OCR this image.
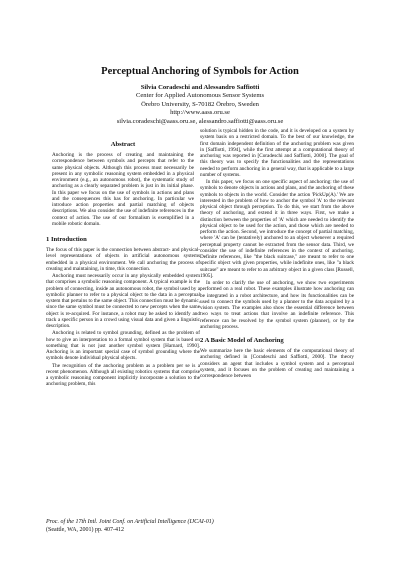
Perceptual Anchoring of Symbols for Action
Silvia Coradeschi and Alessandro Saffiotti
Center for Applied Autonomous Sensor Systems
Örebro University, S-70182 Örebro, Sweden
http://www.aass.oru.se
silvia.coradeschi@aass.oru.se, alessandro.saffiotti@aass.oru.se
Abstract

Anchoring is the process of creating and maintaining the correspondence between symbols and percepts that refer to the same physical objects. Although this process must necessarily be present in any symbolic reasoning system embedded in a physical environment (e.g., an autonomous robot), the systematic study of anchoring as a clearly separated problem is just in its initial phase. In this paper we focus on the use of symbols in actions and plans and the consequences this has for anchoring. In particular we introduce action properties and partial matching of objects descriptions. We also consider the use of indefinite references in the context of action. The use of our formalism is exemplified in a mobile robotic domain.

1 Introduction

The focus of this paper is the connection between abstract- and physical-level representations of objects in artificial autonomous systems embedded in a physical environment. We call anchoring the process of creating and maintaining, in time, this connection.

Anchoring must necessarily occur in any physically embedded system that comprises a symbolic reasoning component. A typical example is the problem of connecting, inside an autonomous robot, the symbol used by a symbolic planner to refer to a physical object to the data in a perceptual system that pertains to the same object. This connection must be dynamic, since the same symbol must be connected to new percepts when the same object is re-acquired. For instance, a robot may be asked to identify and track a specific person in a crowd using visual data and given a linguistic description.

Anchoring is related to symbol grounding, defined as the problem of how to give an interpretation to a formal symbol system that is based on something that is not just another symbol system [Harnard, 1990]. Anchoring is an important special case of symbol grounding where the symbols denote individual physical objects.

The recognition of the anchoring problem as a problem per se is a recent phenomenon. Although all existing robotics systems that comprise a symbolic reasoning component implicitly incorporate a solution to the anchoring problem, this

solution is typical hidden in the code, and it is developed on a system by system basis on a restricted domain. To the best of our knowledge, the first domain independent definition of the anchoring problem was given in [Saffiotti, 1994], while the first attempt at a computational theory of anchoring was reported in [Coradeschi and Saffiotti, 2000]. The goal of this theory was to specify the functionalities and the representations needed to perform anchoring in a general way, that is applicable to a large number of systems.

In this paper, we focus on one specific aspect of anchoring: the use of symbols to denote objects in actions and plans, and the anchoring of these symbols to objects in the world. Consider the action 'PickUp(A).' We are interested in the problem of how to anchor the symbol 'A' to the relevant physical object through perception. To do this, we start from the above theory of anchoring, and extend it in three ways. First, we make a distinction between the properties of 'A' which are needed to identify the physical object to be used for the action, and those which are needed to perform the action. Second, we introduce the concept of partial matching, where 'A' can be (tentatively) anchored to an object whenever a required perceptual property cannot be extracted from the sensor data. Third, we consider the use of indefinite references in the context of anchoring. Definite references, like "the black suitcase," are meant to refer to one specific object with given properties, while indefinite ones, like "a black suitcase" are meant to refer to an arbitrary object in a given class [Russell, 1905].

In order to clarify the use of anchoring, we show two experiments performed on a real robot. These examples illustrate how anchoring can be integrated in a robot architecture, and how its functionalities can be used to connect the symbols used by a planner to the data acquired by a vision system. The examples also show the essential difference between two ways to treat actions that involve an indefinite reference. This reference can be resolved by the symbol system (planner), or by the anchoring process.

2 A Basic Model of Anchoring

We summarize here the basic elements of the computational theory of anchoring defined in [Coradeschi and Saffiotti, 2000]. The theory considers an agent that includes a symbol system and a perceptual system, and it focuses on the problem of creating and maintaining a correspondence between

Proc. of the 17th Intl. Joint Conf. on Artificial Intelligence (IJCAI-01)
(Seattle, WA, 2001) pp. 407-412
